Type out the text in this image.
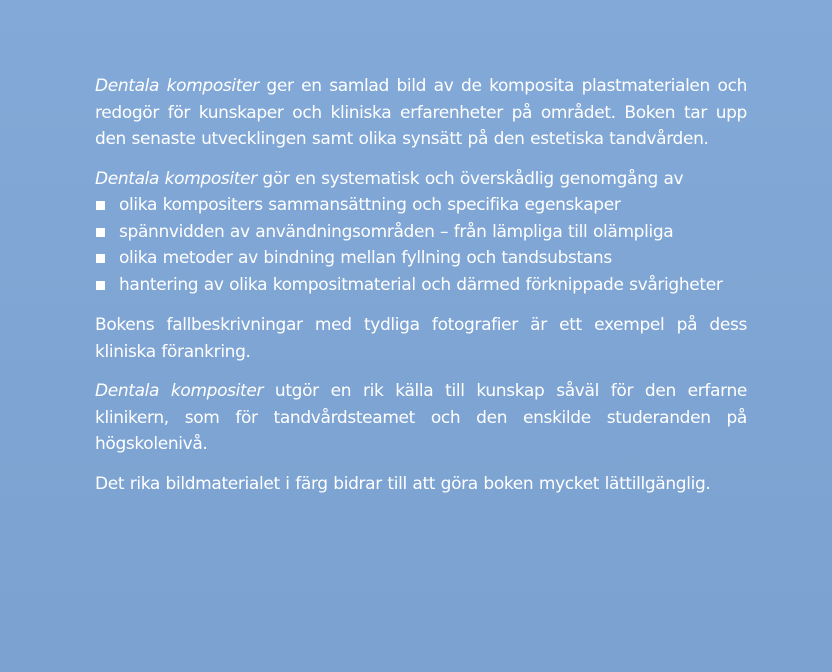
Dentala kompositer ger en samlad bild av de komposita plastmaterialen och redogör för kunskaper och kliniska erfarenheter på området. Boken tar upp den senaste utvecklingen samt olika synsätt på den estetiska tandvården.

Dentala kompositer gör en systematisk och överskådlig genomgång av

olika kompositers sammansättning och specifika egenskaper
spännvidden av användningsområden – från lämpliga till olämpliga
olika metoder av bindning mellan fyllning och tandsubstans
hantering av olika kompositmaterial och därmed förknippade svårigheter

Bokens fallbeskrivningar med tydliga fotografier är ett exempel på dess kliniska förankring.

Dentala kompositer utgör en rik källa till kunskap såväl för den erfarne klinikern, som för tandvårdsteamet och den enskilde studeranden på högskolenivå.

Det rika bildmaterialet i färg bidrar till att göra boken mycket lättillgänglig.
